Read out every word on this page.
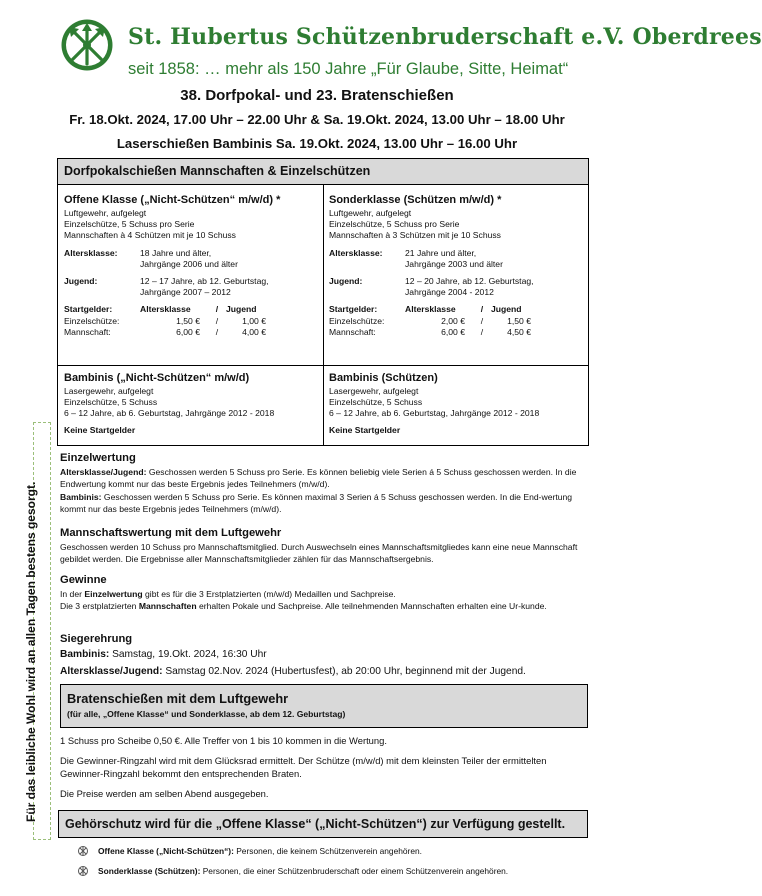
St. Hubertus Schützenbruderschaft e.V. Oberdrees
seit 1858: … mehr als 150 Jahre „Für Glaube, Sitte, Heimat“
38. Dorfpokal- und 23. Bratenschießen
Fr. 18.Okt. 2024, 17.00 Uhr – 22.00 Uhr & Sa. 19.Okt. 2024, 13.00 Uhr – 18.00 Uhr
Laserschießen Bambinis Sa. 19.Okt. 2024, 13.00 Uhr – 16.00 Uhr
Für das leibliche Wohl wird an allen Tagen bestens gesorgt.
Dorfpokalschießen Mannschaften & Einzelschützen
Offene Klasse („Nicht-Schützen“ m/w/d) *
Luftgewehr, aufgelegt
Einzelschütze, 5 Schuss pro Serie
Mannschaften à 4 Schützen mit je 10 Schuss
Altersklasse:	18 Jahre und älter,
Jahrgänge 2006 und älter
Jugend:	12 – 17 Jahre, ab 12. Geburtstag,
Jahrgänge 2007 – 2012
Startgelder:	Altersklasse	/ Jugend
Einzelschütze:	1,50 €	/	1,00 €
Mannschaft:	6,00 €	/	4,00 €
Sonderklasse (Schützen m/w/d) *
Luftgewehr, aufgelegt
Einzelschütze, 5 Schuss pro Serie
Mannschaften à 3 Schützen mit je 10 Schuss
Altersklasse:	21 Jahre und älter,
Jahrgänge 2003 und älter
Jugend:	12 – 20 Jahre, ab 12. Geburtstag,
Jahrgänge 2004 - 2012
Startgelder:	Altersklasse	/ Jugend
Einzelschütze:	2,00 €	/	1,50 €
Mannschaft:	6,00 €	/	4,50 €
Bambinis („Nicht-Schützen“ m/w/d)
Lasergewehr, aufgelegt
Einzelschütze, 5 Schuss
6 – 12 Jahre, ab 6. Geburtstag, Jahrgänge 2012 - 2018
Keine Startgelder
Bambinis (Schützen)
Lasergewehr, aufgelegt
Einzelschütze, 5 Schuss
6 – 12 Jahre, ab 6. Geburtstag, Jahrgänge 2012 - 2018
Keine Startgelder
Einzelwertung

Altersklasse/Jugend: Geschossen werden 5 Schuss pro Serie. Es können beliebig viele Serien á 5 Schuss geschossen werden. In die Endwertung kommt nur das beste Ergebnis jedes Teilnehmers (m/w/d).

Bambinis: Geschossen werden 5 Schuss pro Serie. Es können maximal 3 Serien á 5 Schuss geschossen werden. In die End-wertung kommt nur das beste Ergebnis jedes Teilnehmers (m/w/d).

Mannschaftswertung mit dem Luftgewehr

Geschossen werden 10 Schuss pro Mannschaftsmitglied. Durch Auswechseln eines Mannschaftsmitgliedes kann eine neue Mannschaft gebildet werden. Die Ergebnisse aller Mannschaftsmitglieder zählen für das Mannschaftsergebnis.

Gewinne

In der Einzelwertung gibt es für die 3 Erstplatzierten (m/w/d) Medaillen und Sachpreise.

Die 3 erstplatzierten Mannschaften erhalten Pokale und Sachpreise. Alle teilnehmenden Mannschaften erhalten eine Ur-kunde.

Siegerehrung

Bambinis: Samstag, 19.Okt. 2024, 16:30 Uhr

Altersklasse/Jugend: Samstag 02.Nov. 2024 (Hubertusfest), ab 20:00 Uhr, beginnend mit der Jugend.

Bratenschießen mit dem Luftgewehr
(für alle, „Offene Klasse“ und Sonderklasse, ab dem 12. Geburtstag)

1 Schuss pro Scheibe 0,50 €. Alle Treffer von 1 bis 10 kommen in die Wertung.

Die Gewinner-Ringzahl wird mit dem Glücksrad ermittelt. Der Schütze (m/w/d) mit dem kleinsten Teiler der ermittelten Gewinner-Ringzahl bekommt den entsprechenden Braten.

Die Preise werden am selben Abend ausgegeben.

Gehörschutz wird für die „Offene Klasse“ („Nicht-Schützen“) zur Verfügung gestellt.
Offene Klasse („Nicht-Schützen“): Personen, die keinem Schützenverein angehören.
Sonderklasse (Schützen): Personen, die einer Schützenbruderschaft oder einem Schützenverein angehören.
